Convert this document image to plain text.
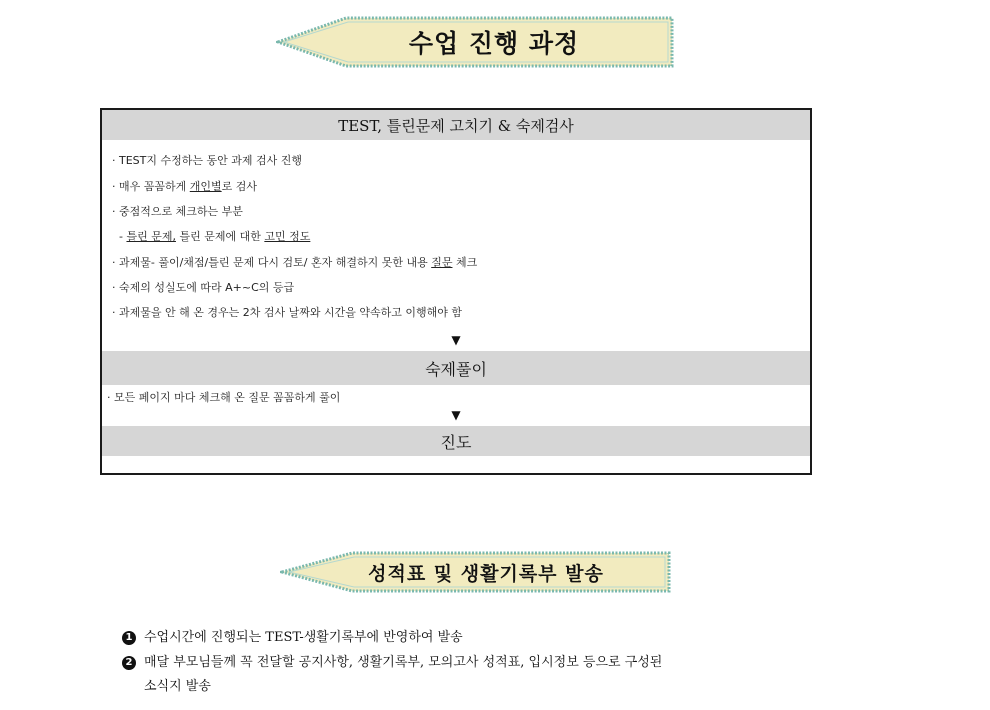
수업 진행 과정
TEST, 틀린문제 고치기 & 숙제검사
· TEST지 수정하는 동안 과제 검사 진행
· 매우 꼼꼼하게 개인별로 검사
· 중점적으로 체크하는 부분
- 틀린 문제, 틀린 문제에 대한 고민 정도
· 과제물- 풀이/채점/틀린 문제 다시 검토/ 혼자 해결하지 못한 내용 질문 체크
· 숙제의 성실도에 따라 A+~C의 등급
· 과제물을 안 해 온 경우는 2차 검사 날짜와 시간을 약속하고 이행해야 함
▼
숙제풀이
· 모든 페이지 마다 체크해 온 질문 꼼꼼하게 풀이
▼
진도
성적표 및 생활기록부 발송
1 수업시간에 진행되는 TEST-생활기록부에 반영하여 발송
2 매달 부모님들께 꼭 전달할 공지사항, 생활기록부, 모의고사 성적표, 입시정보 등으로 구성된
소식지 발송
